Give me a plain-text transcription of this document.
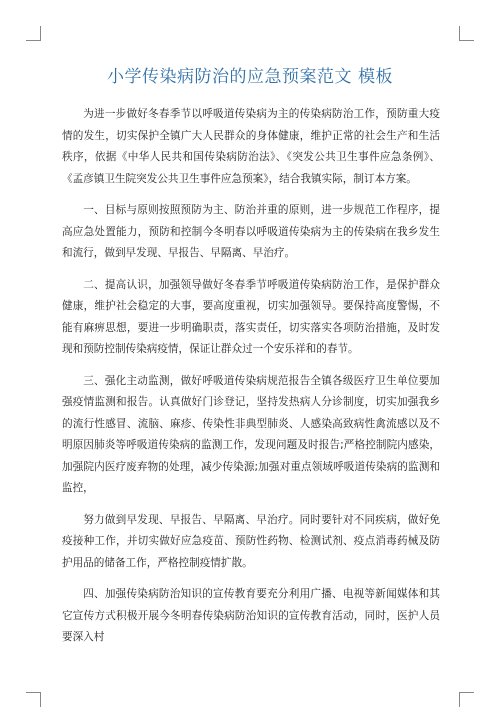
小学传染病防治的应急预案范文 模板

为进一步做好冬春季节以呼吸道传染病为主的传染病防治工作，预防重大疫情的发生，切实保护全镇广大人民群众的身体健康，维护正常的社会生产和生活秩序，依据《中华人民共和国传染病防治法》、《突发公共卫生事件应急条例》、《孟彦镇卫生院突发公共卫生事件应急预案》，结合我镇实际，制订本方案。

一、目标与原则按照预防为主、防治并重的原则，进一步规范工作程序，提高应急处置能力，预防和控制今冬明春以呼吸道传染病为主的传染病在我乡发生和流行，做到早发现、早报告、早隔离、早治疗。

二、提高认识，加强领导做好冬春季节呼吸道传染病防治工作，是保护群众健康，维护社会稳定的大事，要高度重视，切实加强领导。要保持高度警惕，不能有麻痹思想，要进一步明确职责，落实责任，切实落实各项防治措施，及时发现和预防控制传染病疫情，保证让群众过一个安乐祥和的春节。

三、强化主动监测，做好呼吸道传染病规范报告全镇各级医疗卫生单位要加强疫情监测和报告。认真做好门诊登记，坚持发热病人分诊制度，切实加强我乡的流行性感冒、流脑、麻疹、传染性非典型肺炎、人感染高致病性禽流感以及不明原因肺炎等呼吸道传染病的监测工作，发现问题及时报告;严格控制院内感染，加强院内医疗废弃物的处理，减少传染源;加强对重点领域呼吸道传染病的监测和监控，

努力做到早发现、早报告、早隔离、早治疗。同时要针对不同疾病，做好免疫接种工作，并切实做好应急疫苗、预防性药物、检测试剂、疫点消毒药械及防护用品的储备工作，严格控制疫情扩散。

四、加强传染病防治知识的宣传教育要充分利用广播、电视等新闻媒体和其它宣传方式积极开展今冬明春传染病防治知识的宣传教育活动，同时，医护人员要深入村
